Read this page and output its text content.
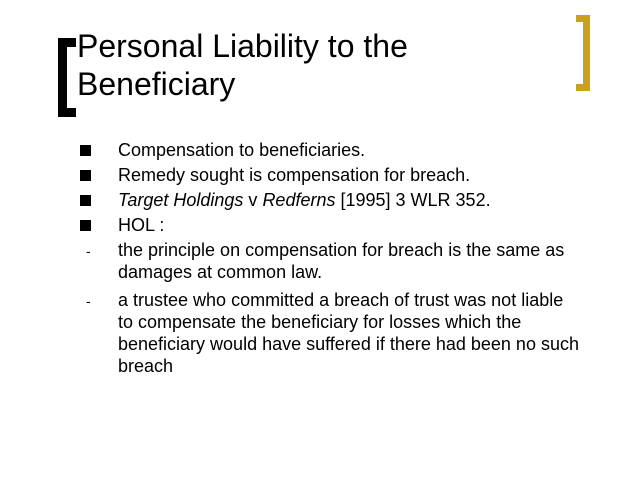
Personal Liability to the
Beneficiary
Compensation to beneficiaries.
Remedy sought is compensation for breach.
Target Holdings v Redferns [1995] 3 WLR 352.
HOL :
-	the principle on compensation for breach is the same as damages at common law.
-	a trustee who committed a breach of trust was not liable to compensate the beneficiary for losses which the beneficiary would have suffered if there had been no such breach
